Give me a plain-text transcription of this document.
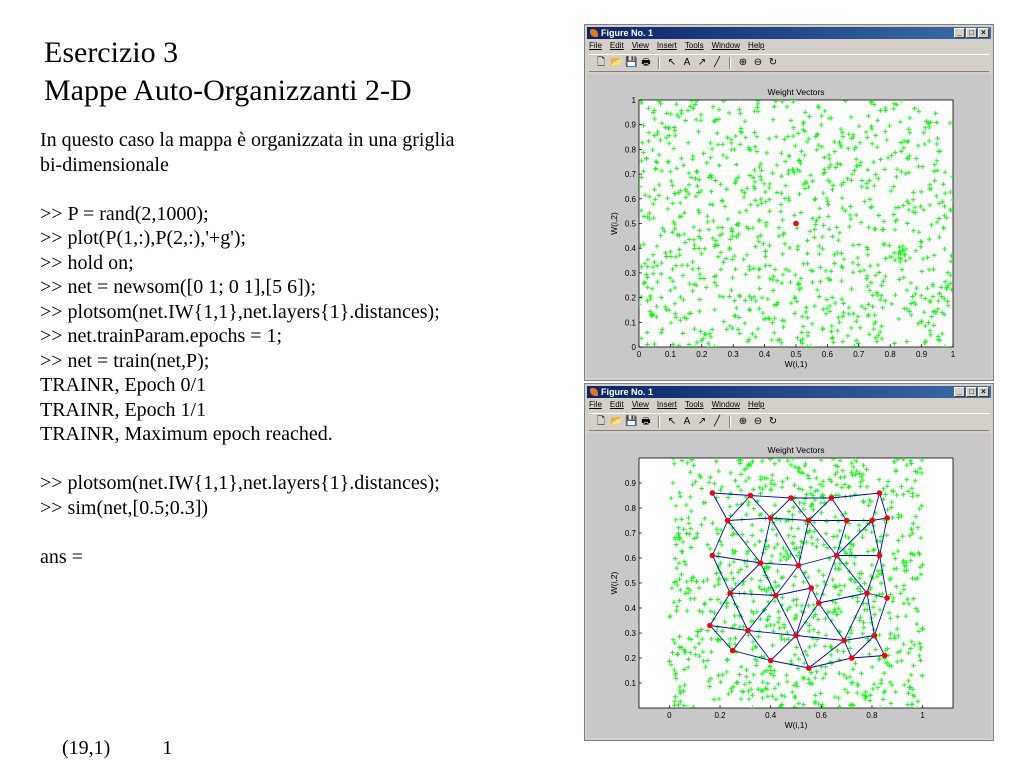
Esercizio 3
Mappe Auto-Organizzanti 2-D
In questo caso la mappa è organizzata in una griglia
bi-dimensionale
>> P = rand(2,1000);
>> plot(P(1,:),P(2,:),'+g');
>> hold on;
>> net = newsom([0 1; 0 1],[5 6]);
>> plotsom(net.IW{1,1},net.layers{1}.distances);
>> net.trainParam.epochs = 1;
>> net = train(net,P);
TRAINR, Epoch 0/1
TRAINR, Epoch 1/1
TRAINR, Maximum epoch reached.
>> plotsom(net.IW{1,1},net.layers{1}.distances);
>> sim(net,[0.5;0.3])
ans =

(19,1)	1

Figure No. 1	_ □ ×
File Edit View Insert Tools Window Help
🗋 📂 💾 🖶 ↖ A ↗ ╱ ⊕ ⊖ ↻
0	0.1	0.2	0.3	0.4	0.5	0.6	0.7	0.8	0.9	1
0
0.1
0.2
0.3
0.4
0.5
0.6
0.7
0.8
0.9
1
Weight Vectors
W(i,1)
W(i,2)
Figure No. 1	_ □ ×
File Edit View Insert Tools Window Help
🗋 📂 💾 🖶 ↖ A ↗ ╱ ⊕ ⊖ ↻
0	0.2	0.4	0.6	0.8	1
0.1
0.2
0.3
0.4
0.5
0.6
0.7
0.8
0.9
Weight Vectors
W(i,1)
W(i,2)
